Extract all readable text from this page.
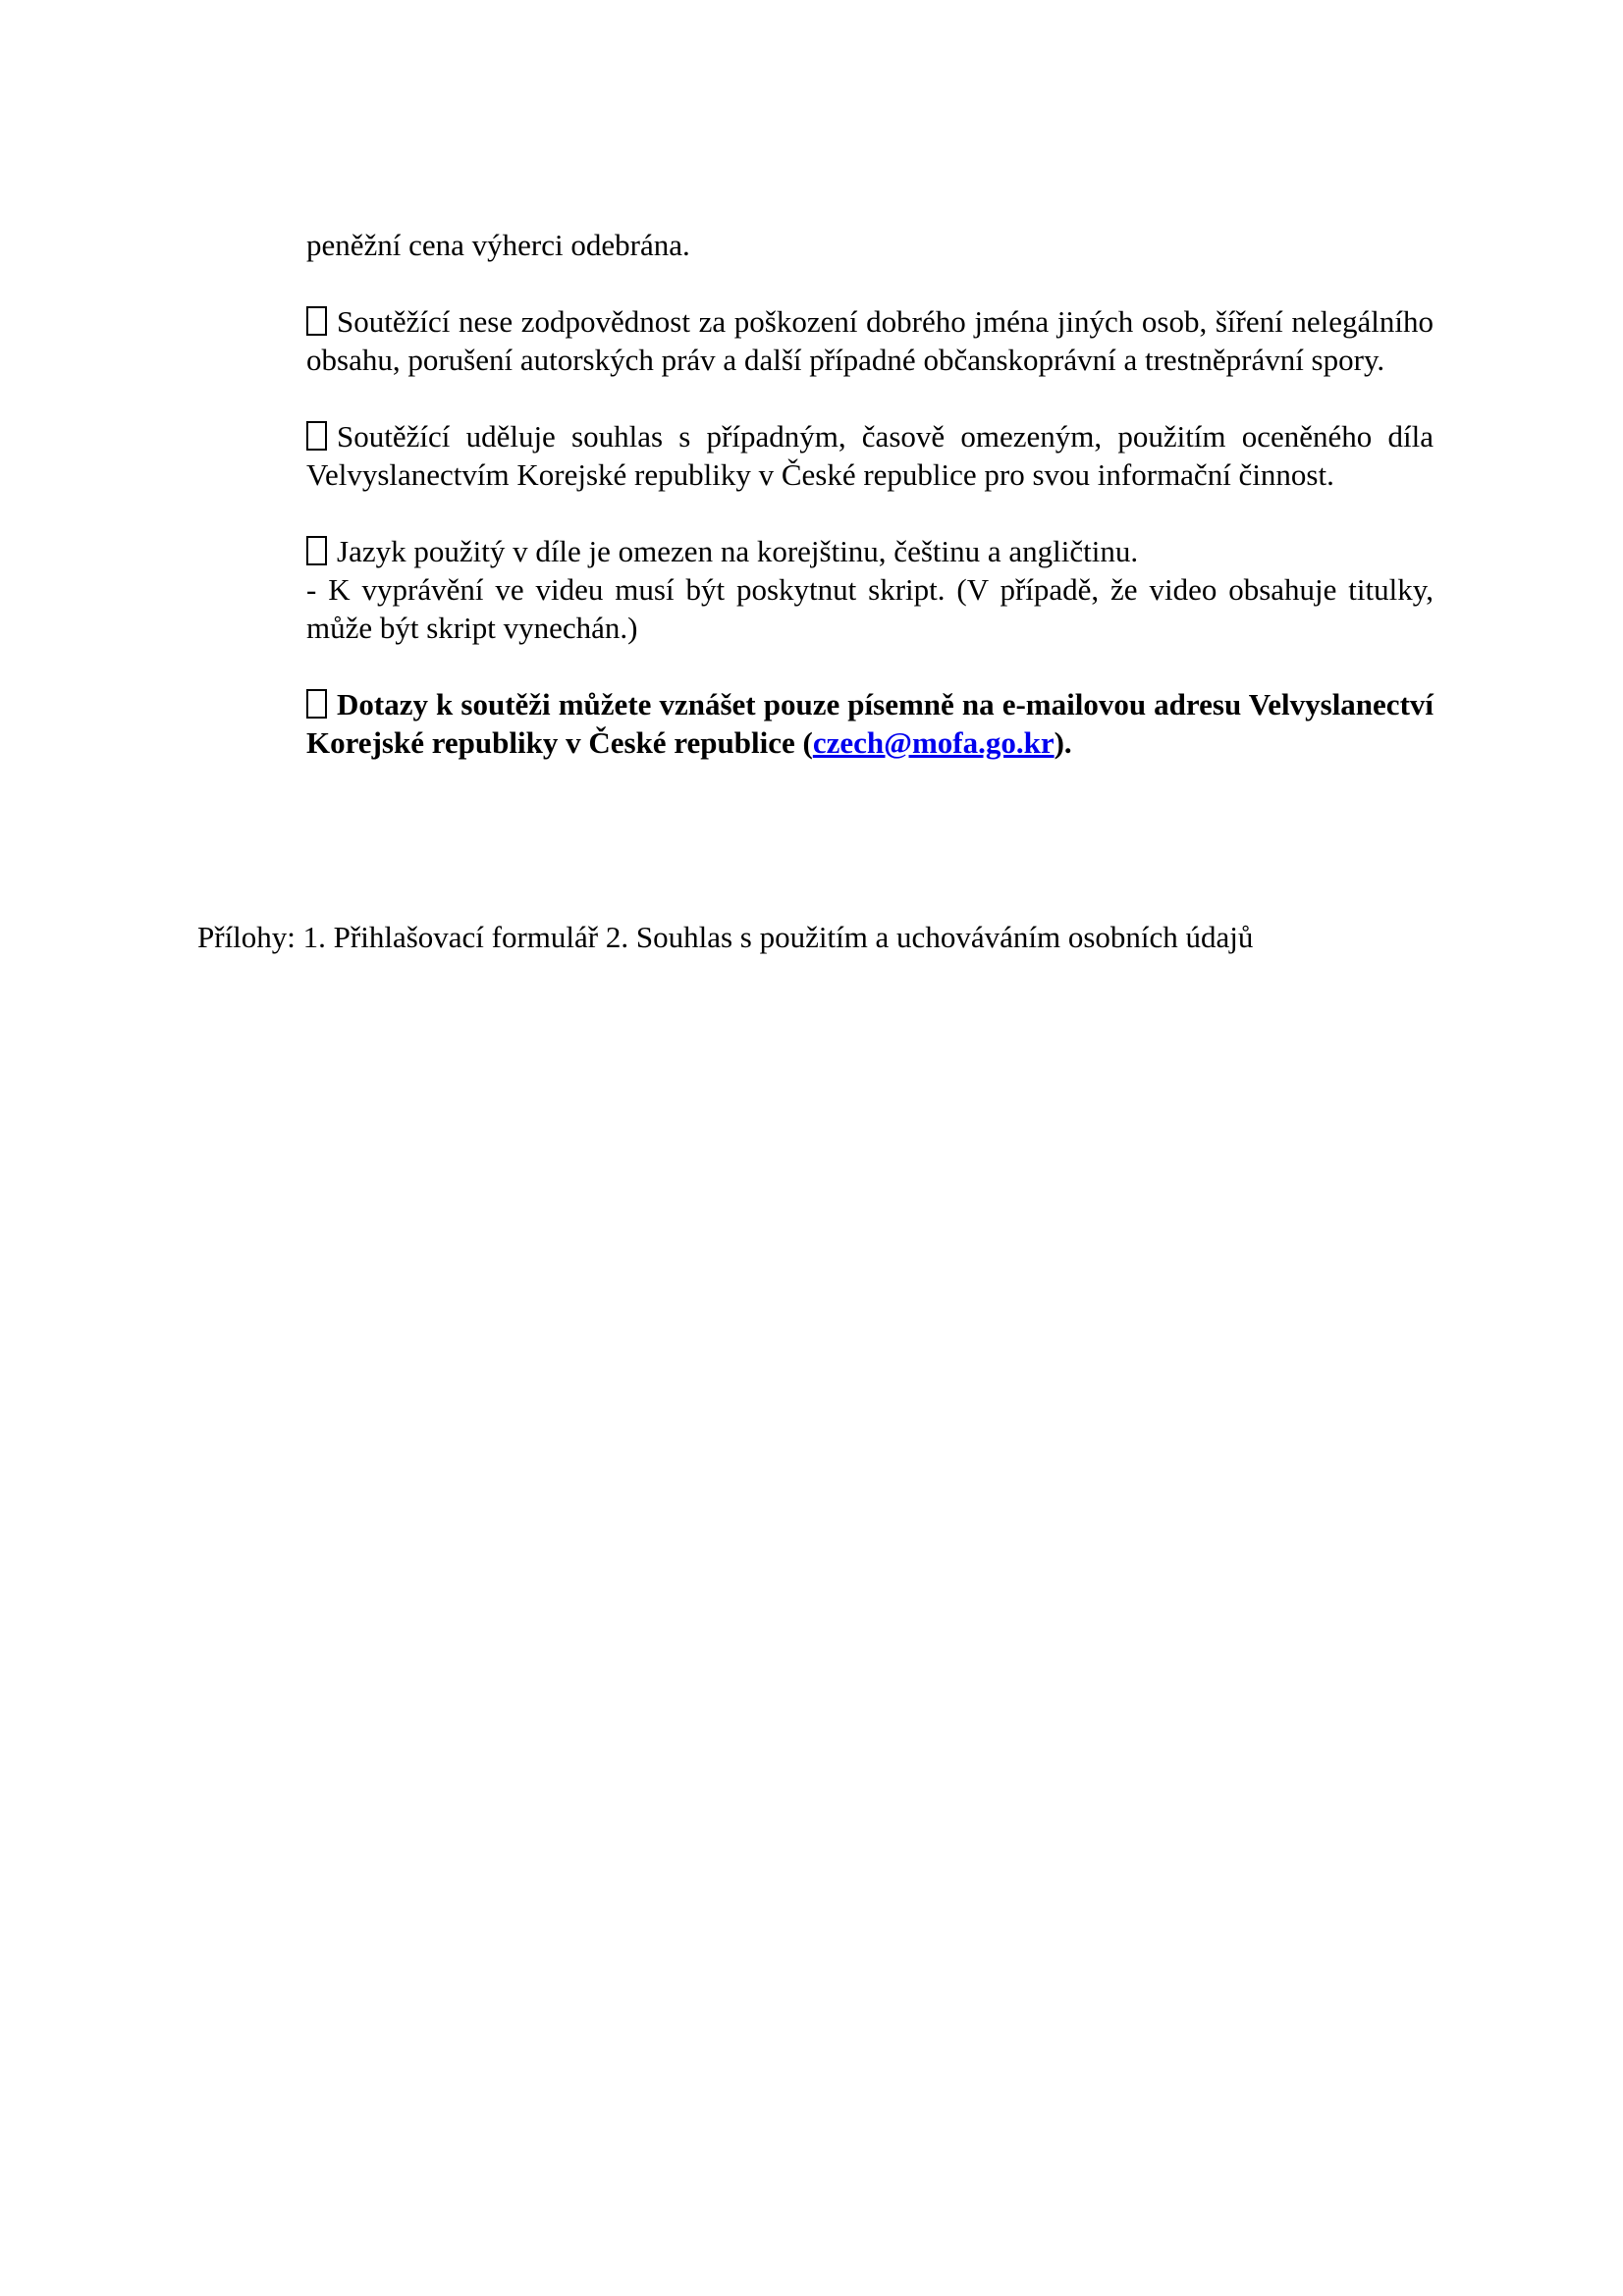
peněžní cena výherci odebrána.

Soutěžící nese zodpovědnost za poškození dobrého jména jiných osob, šíření nelegálního obsahu, porušení autorských práv a další případné občanskoprávní a trestněprávní spory.

Soutěžící uděluje souhlas s případným, časově omezeným, použitím oceněného díla Velvyslanectvím Korejské republiky v České republice pro svou informační činnost.

Jazyk použitý v díle je omezen na korejštinu, češtinu a angličtinu.

- K vyprávění ve videu musí být poskytnut skript. (V případě, že video obsahuje titulky, může být skript vynechán.)

Dotazy k soutěži můžete vznášet pouze písemně na e-mailovou adresu Velvyslanectví Korejské republiky v České republice (czech@mofa.go.kr).

Přílohy: 1. Přihlašovací formulář 2. Souhlas s použitím a uchováváním osobních údajů
